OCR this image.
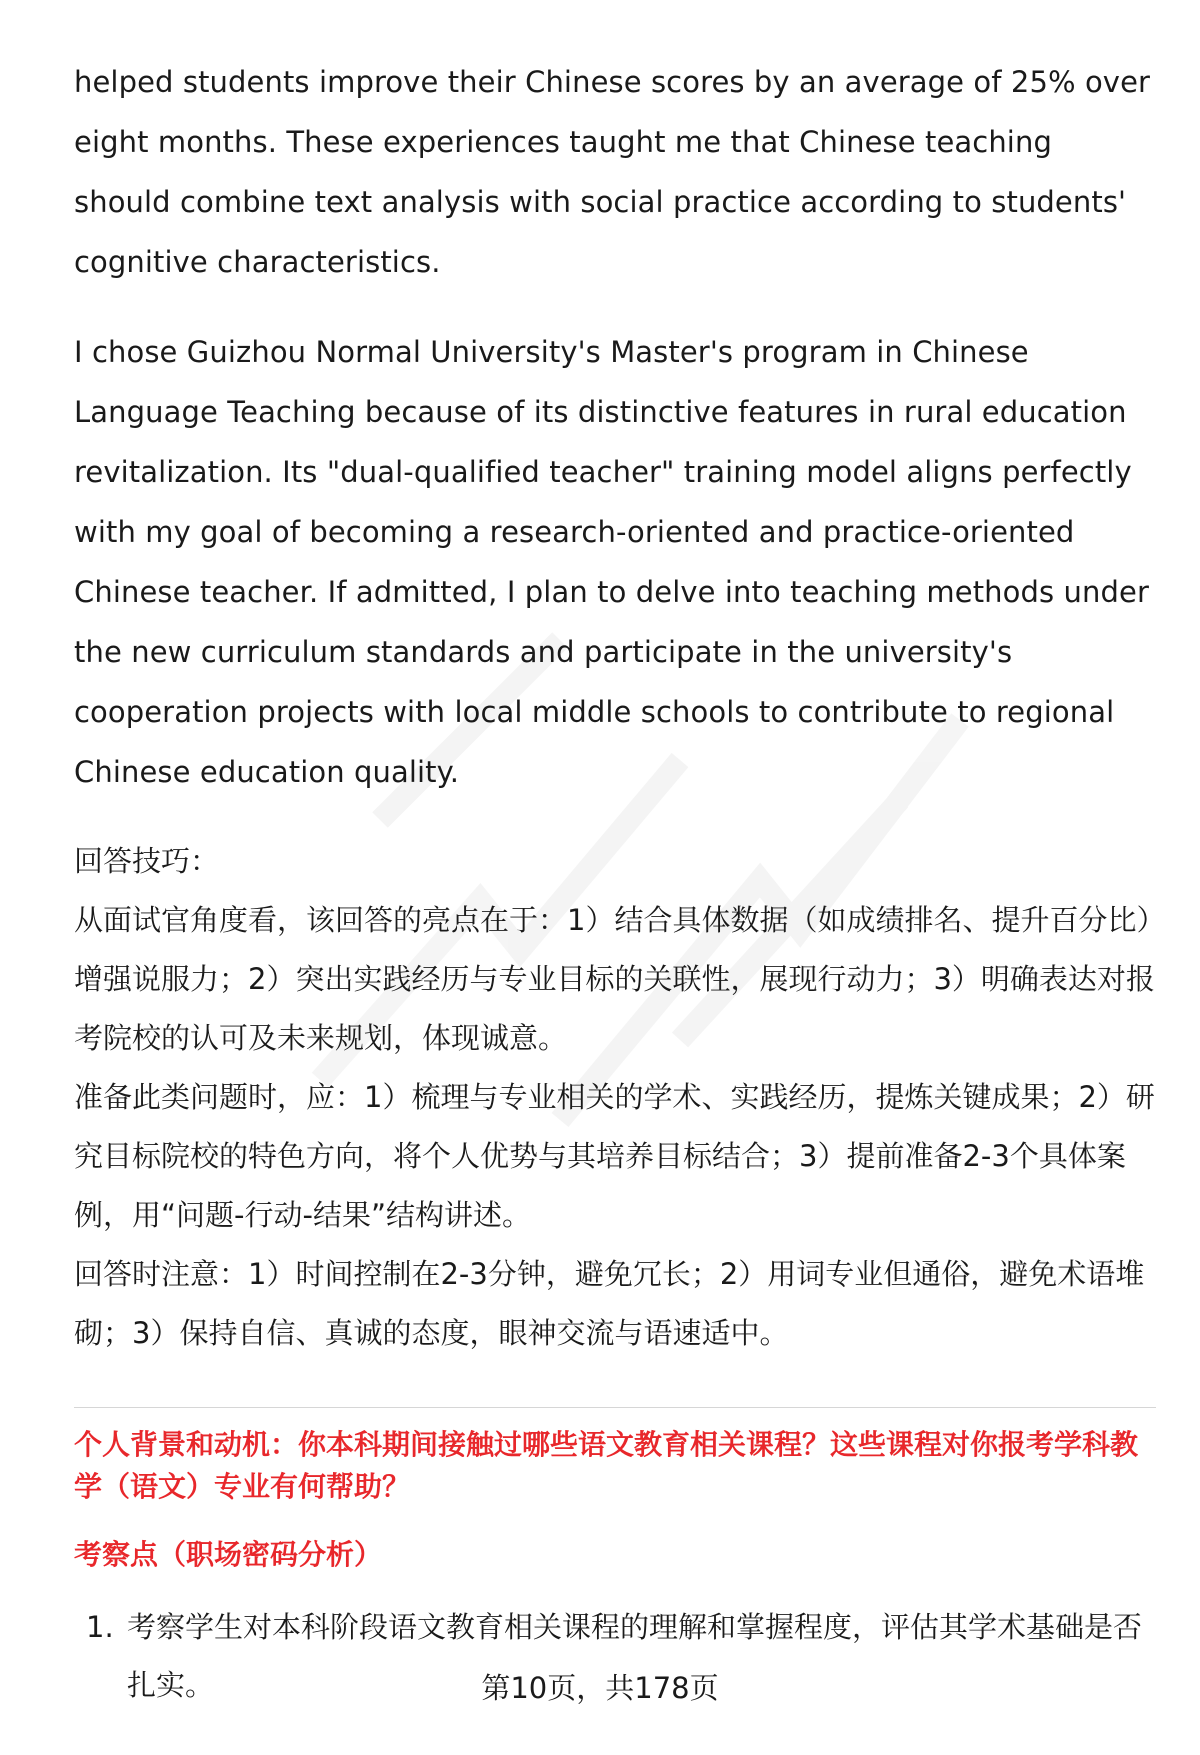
helped students improve their Chinese scores by an average of 25% over eight months. These experiences taught me that Chinese teaching should combine text analysis with social practice according to students' cognitive characteristics.

I chose Guizhou Normal University's Master's program in Chinese Language Teaching because of its distinctive features in rural education revitalization. Its "dual-qualified teacher" training model aligns perfectly with my goal of becoming a research-oriented and practice-oriented Chinese teacher. If admitted, I plan to delve into teaching methods under the new curriculum standards and participate in the university's cooperation projects with local middle schools to contribute to regional Chinese education quality.

回答技巧：

从面试官角度看，该回答的亮点在于：1）结合具体数据（如成绩排名、提升百分比）增强说服力；2）突出实践经历与专业目标的关联性，展现行动力；3）明确表达对报考院校的认可及未来规划，体现诚意。

准备此类问题时，应：1）梳理与专业相关的学术、实践经历，提炼关键成果；2）研究目标院校的特色方向，将个人优势与其培养目标结合；3）提前准备2-3个具体案例，用“问题-行动-结果”结构讲述。

回答时注意：1）时间控制在2-3分钟，避免冗长；2）用词专业但通俗，避免术语堆砌；3）保持自信、真诚的态度，眼神交流与语速适中。

个人背景和动机：你本科期间接触过哪些语文教育相关课程？这些课程对你报考学科教学（语文）专业有何帮助？

考察点（职场密码分析）

1. 考察学生对本科阶段语文教育相关课程的理解和掌握程度，评估其学术基础是否扎实。	第10页，共178页
